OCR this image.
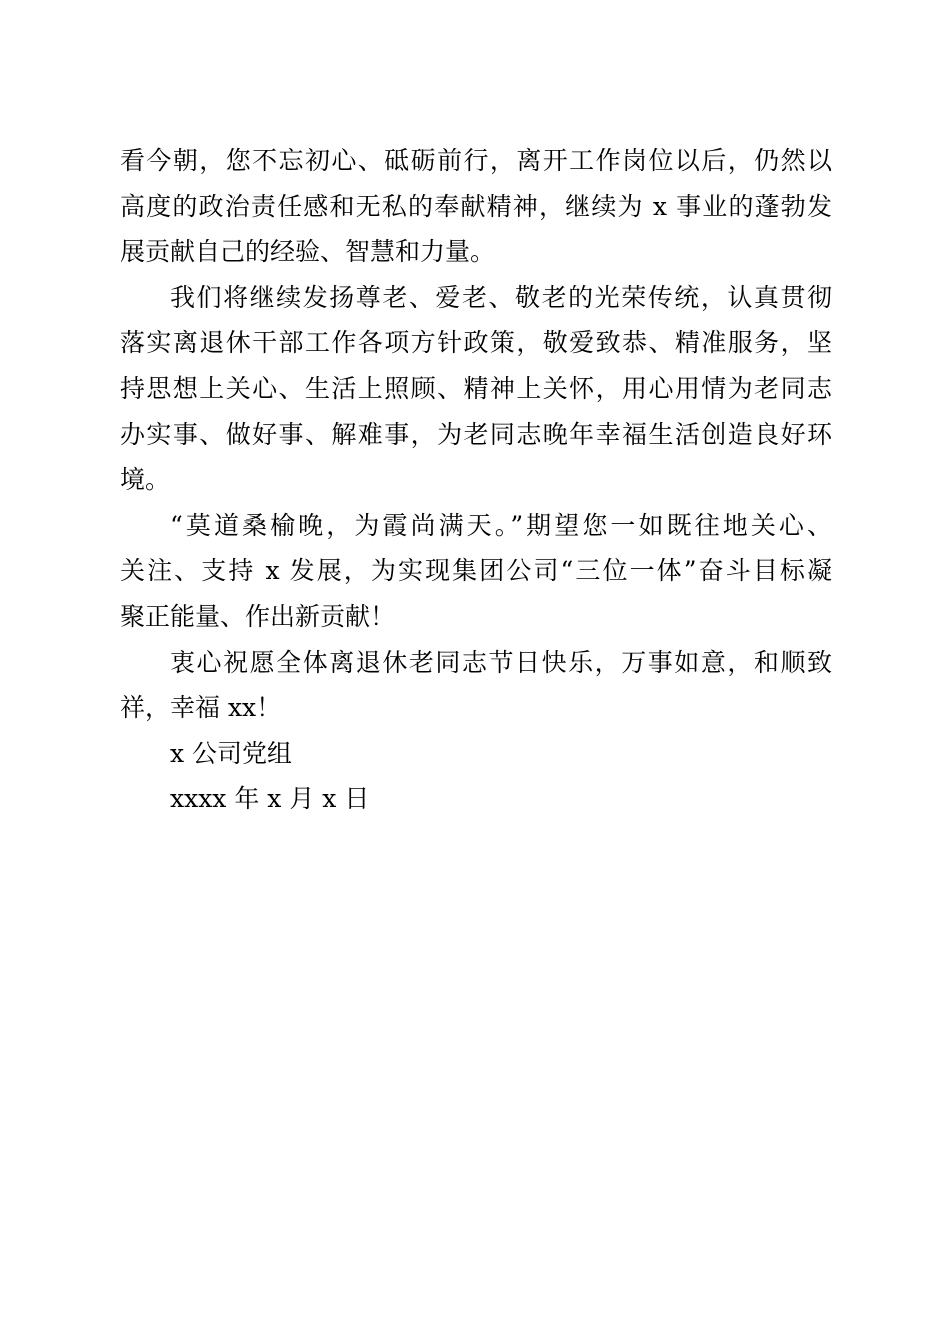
看今朝，您不忘初心、砥砺前行，离开工作岗位以后，仍然以
高度的政治责任感和无私的奉献精神，继续为 x 事业的蓬勃发
展贡献自己的经验、智慧和力量。
我们将继续发扬尊老、爱老、敬老的光荣传统，认真贯彻
落实离退休干部工作各项方针政策，敬爱致恭、精准服务，坚
持思想上关心、生活上照顾、精神上关怀，用心用情为老同志
办实事、做好事、解难事，为老同志晚年幸福生活创造良好环
境。
“莫道桑榆晚，为霞尚满天。”期望您一如既往地关心、
关注、支持 x 发展，为实现集团公司“三位一体”奋斗目标凝
聚正能量、作出新贡献！
衷心祝愿全体离退休老同志节日快乐，万事如意，和顺致
祥，幸福 xx！
x 公司党组
xxxx 年 x 月 x 日
